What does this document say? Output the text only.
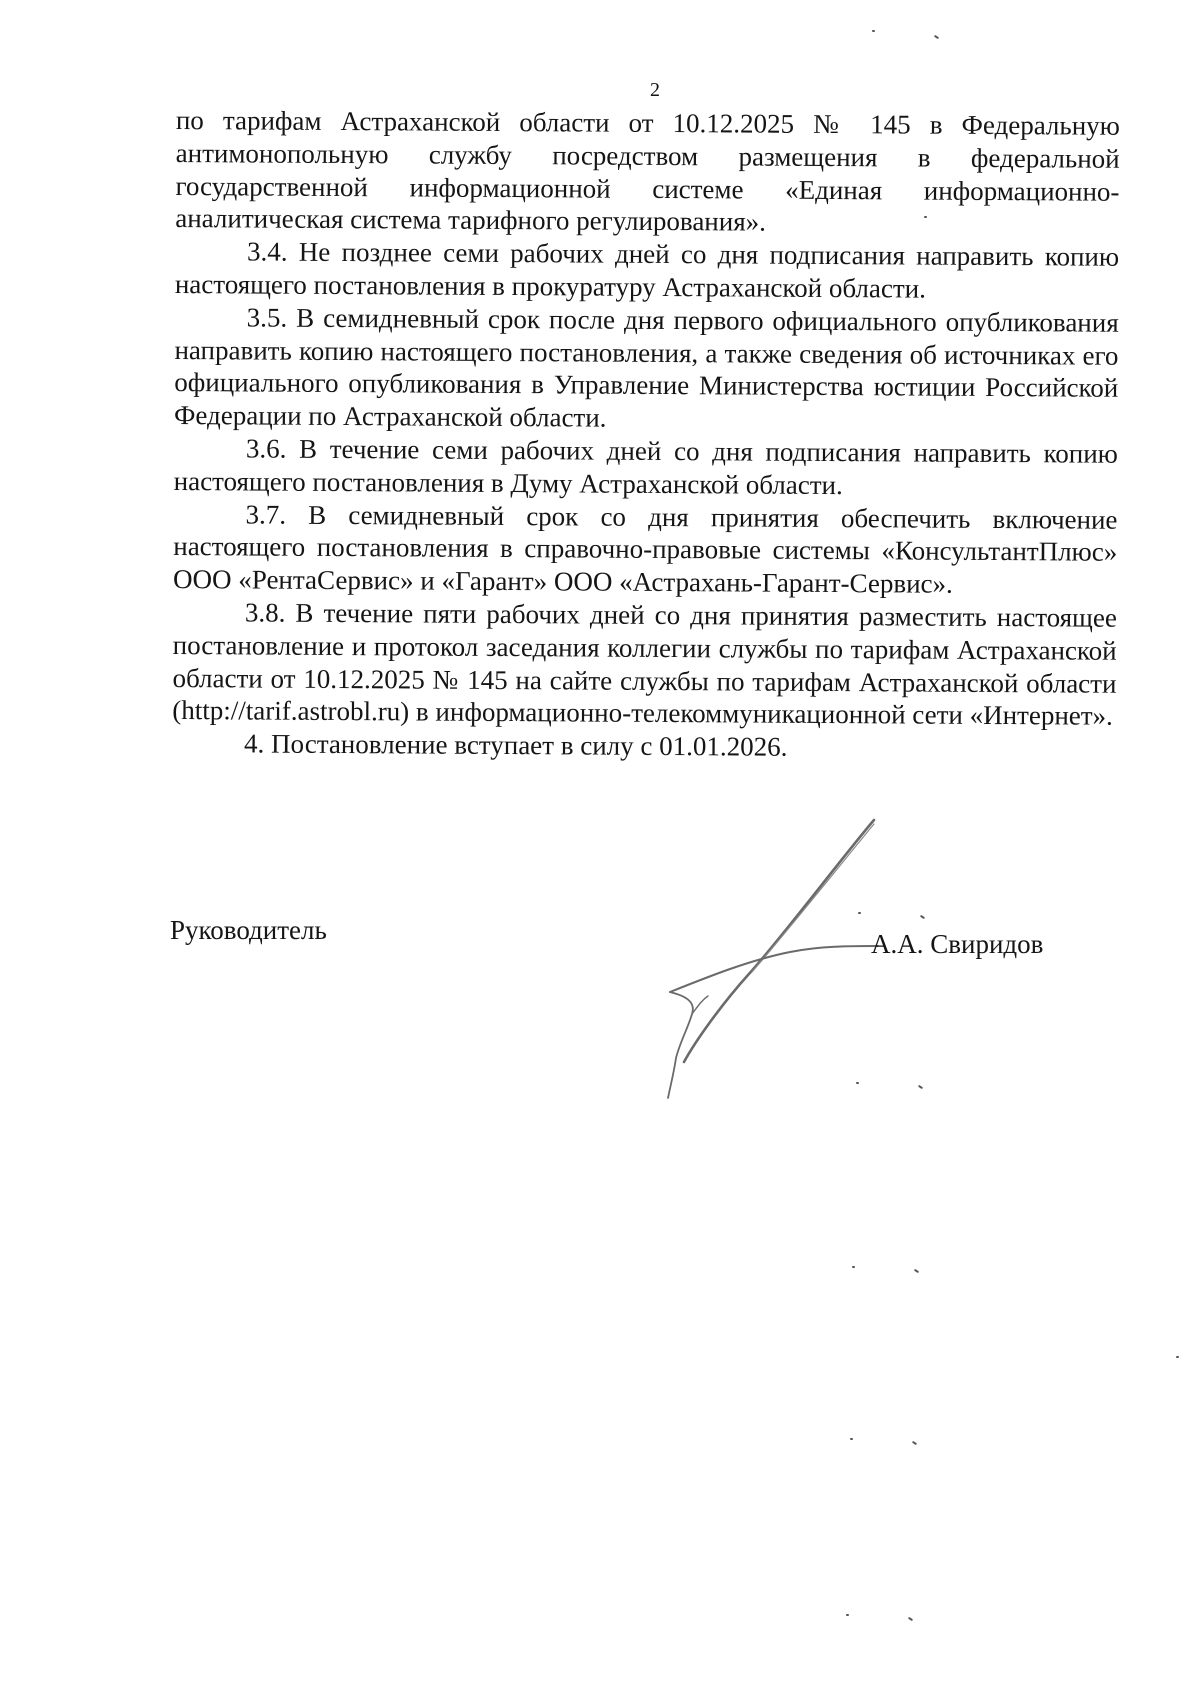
2

по тарифам Астраханской области от 10.12.2025 № 145 в Федеральную антимонопольную службу посредством размещения в федеральной государственной информационной системе «Единая информационно-аналитическая система тарифного регулирования».

3.4. Не позднее семи рабочих дней со дня подписания направить копию настоящего постановления в прокуратуру Астраханской области.

3.5. В семидневный срок после дня первого официального опубликования направить копию настоящего постановления, а также сведения об источниках его официального опубликования в Управление Министерства юстиции Российской Федерации по Астраханской области.

3.6. В течение семи рабочих дней со дня подписания направить копию настоящего постановления в Думу Астраханской области.

3.7. В семидневный срок со дня принятия обеспечить включение настоящего постановления в справочно-правовые системы «КонсультантПлюс» ООО «РентаСервис» и «Гарант» ООО «Астрахань-Гарант-Сервис».

3.8. В течение пяти рабочих дней со дня принятия разместить настоящее постановление и протокол заседания коллегии службы по тарифам Астраханской области от 10.12.2025 № 145 на сайте службы по тарифам Астраханской области (http://tarif.astrobl.ru) в информационно-телекоммуникационной сети «Интернет».

4. Постановление вступает в силу с 01.01.2026.

Руководитель	А.А. Свиридов
